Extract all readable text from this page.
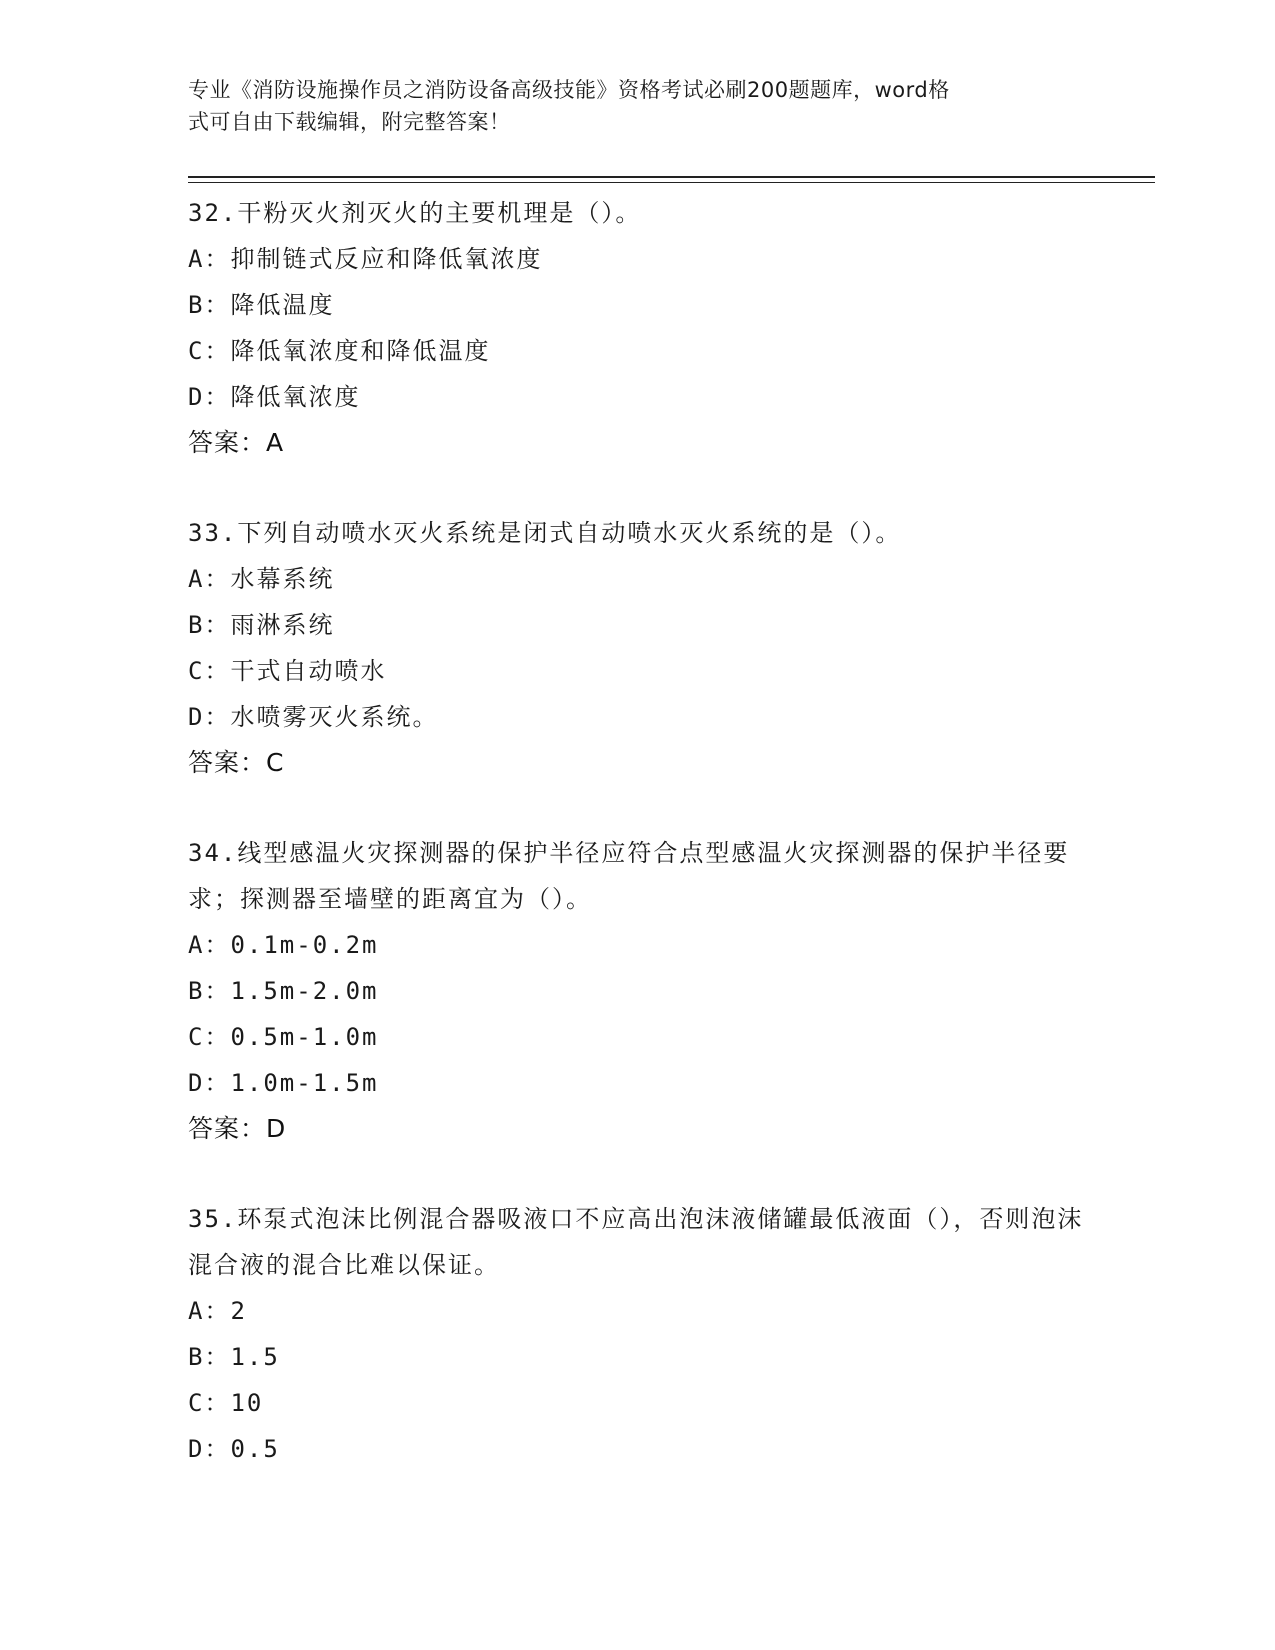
专业《消防设施操作员之消防设备高级技能》资格考试必刷200题题库，word格
式可自由下载编辑，附完整答案！
32.干粉灭火剂灭火的主要机理是（）。
A：抑制链式反应和降低氧浓度
B：降低温度
C：降低氧浓度和降低温度
D：降低氧浓度
答案：A
33.下列自动喷水灭火系统是闭式自动喷水灭火系统的是（）。
A：水幕系统
B：雨淋系统
C：干式自动喷水
D：水喷雾灭火系统。
答案：C
34.线型感温火灾探测器的保护半径应符合点型感温火灾探测器的保护半径要求；探测器至墙壁的距离宜为（）。
A：0.1m-0.2m
B：1.5m-2.0m
C：0.5m-1.0m
D：1.0m-1.5m
答案：D
35.环泵式泡沫比例混合器吸液口不应高出泡沫液储罐最低液面（），否则泡沫混合液的混合比难以保证。
A：2
B：1.5
C：10
D：0.5
